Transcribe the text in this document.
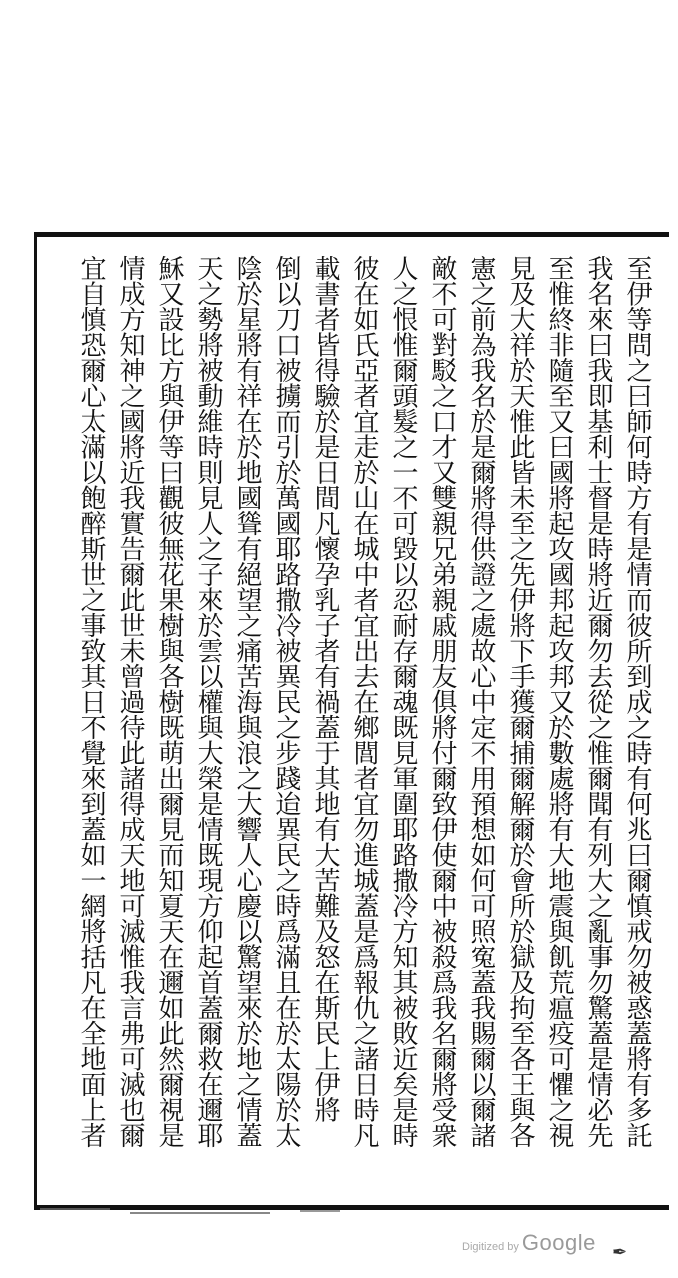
至伊等問之曰師何時方有是情而彼所到成之時有何兆曰爾慎戒勿被惑蓋將有多託
我名來曰我即基利士督是時將近爾勿去從之惟爾聞有列大之亂事勿驚蓋是情必先
至惟終非隨至又曰國將起攻國邦起攻邦又於數處將有大地震與飢荒瘟疫可懼之視
見及大祥於天惟此皆未至之先伊將下手獲爾捕爾解爾於會所於獄及拘至各王與各
憲之前為我名於是爾將得供證之處故心中定不用預想如何可照寃蓋我賜爾以爾諸
敵不可對駁之口才又雙親兄弟親戚朋友俱將付爾致伊使爾中被殺爲我名爾將受衆
人之恨惟爾頭髮之一不可毀以忍耐存爾魂既見軍圍耶路撒冷方知其被敗近矣是時
彼在如氏亞者宜走於山在城中者宜出去在鄉閭者宜勿進城蓋是爲報仇之諸日時凡
載書者皆得驗於是日間凡懷孕乳子者有禍蓋于其地有大苦難及怒在斯民上伊將
倒以刀口被擄而引於萬國耶路撒冷被異民之步踐迨異民之時爲滿且在於太陽於太
陰於星將有祥在於地國聳有絕望之痛苦海與浪之大響人心慶以驚望來於地之情蓋
天之勢將被動維時則見人之子來於雲以權與大榮是情既現方仰起首蓋爾救在邇耶
穌又設比方與伊等曰觀彼無花果樹與各樹既萌出爾見而知夏天在邇如此然爾視是
情成方知神之國將近我實告爾此世未曾過待此諸得成天地可滅惟我言弗可滅也爾
宜自慎恐爾心太滿以飽醉斯世之事致其日不覺來到蓋如一網將括凡在全地面上者
Digitized by Google ✒
